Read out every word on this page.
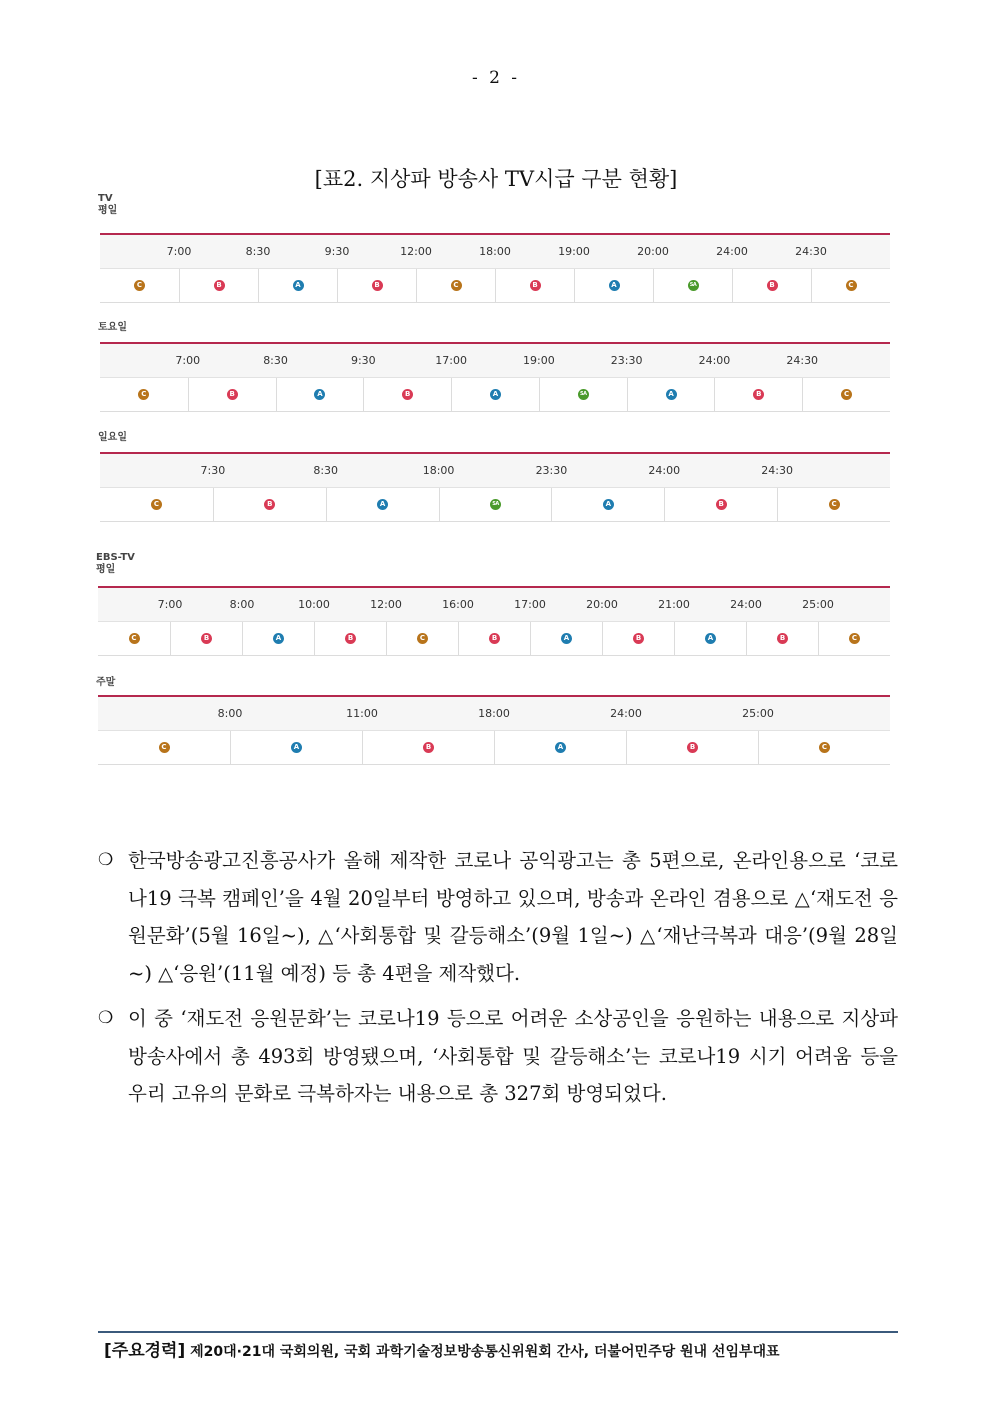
- 2 -
[표2. 지상파 방송사 TV시급 구분 현황]
TV
평일
7:00	8:30	9:30	12:00	18:00	19:00	20:00	24:00	24:30
C	B	A	B	C	B	A	SA	B	C
토요일
7:00	8:30	9:30	17:00	19:00	23:30	24:00	24:30
C	B	A	B	A	SA	A	B	C
일요일
7:30	8:30	18:00	23:30	24:00	24:30
C	B	A	SA	A	B	C
EBS-TV
평일
7:00	8:00	10:00	12:00	16:00	17:00	20:00	21:00	24:00	25:00
C	B	A	B	C	B	A	B	A	B	C
주말
8:00	11:00	18:00	24:00	25:00
C	A	B	A	B	C
❍ 한국방송광고진흥공사가 올해 제작한 코로나 공익광고는 총 5편으로, 온라인용으로 ‘코로나19 극복 캠페인’을 4월 20일부터 방영하고 있으며, 방송과 온라인 겸용으로 △‘재도전 응원문화’(5월 16일~), △‘사회통합 및 갈등해소’(9월 1일~) △‘재난극복과 대응’(9월 28일~) △‘응원’(11월 예정) 등 총 4편을 제작했다.
❍ 이 중 ‘재도전 응원문화’는 코로나19 등으로 어려운 소상공인을 응원하는 내용으로 지상파 방송사에서 총 493회 방영됐으며, ‘사회통합 및 갈등해소’는 코로나19 시기 어려움 등을 우리 고유의 문화로 극복하자는 내용으로 총 327회 방영되었다.
[주요경력] 제20대·21대 국회의원, 국회 과학기술정보방송통신위원회 간사, 더불어민주당 원내 선임부대표
